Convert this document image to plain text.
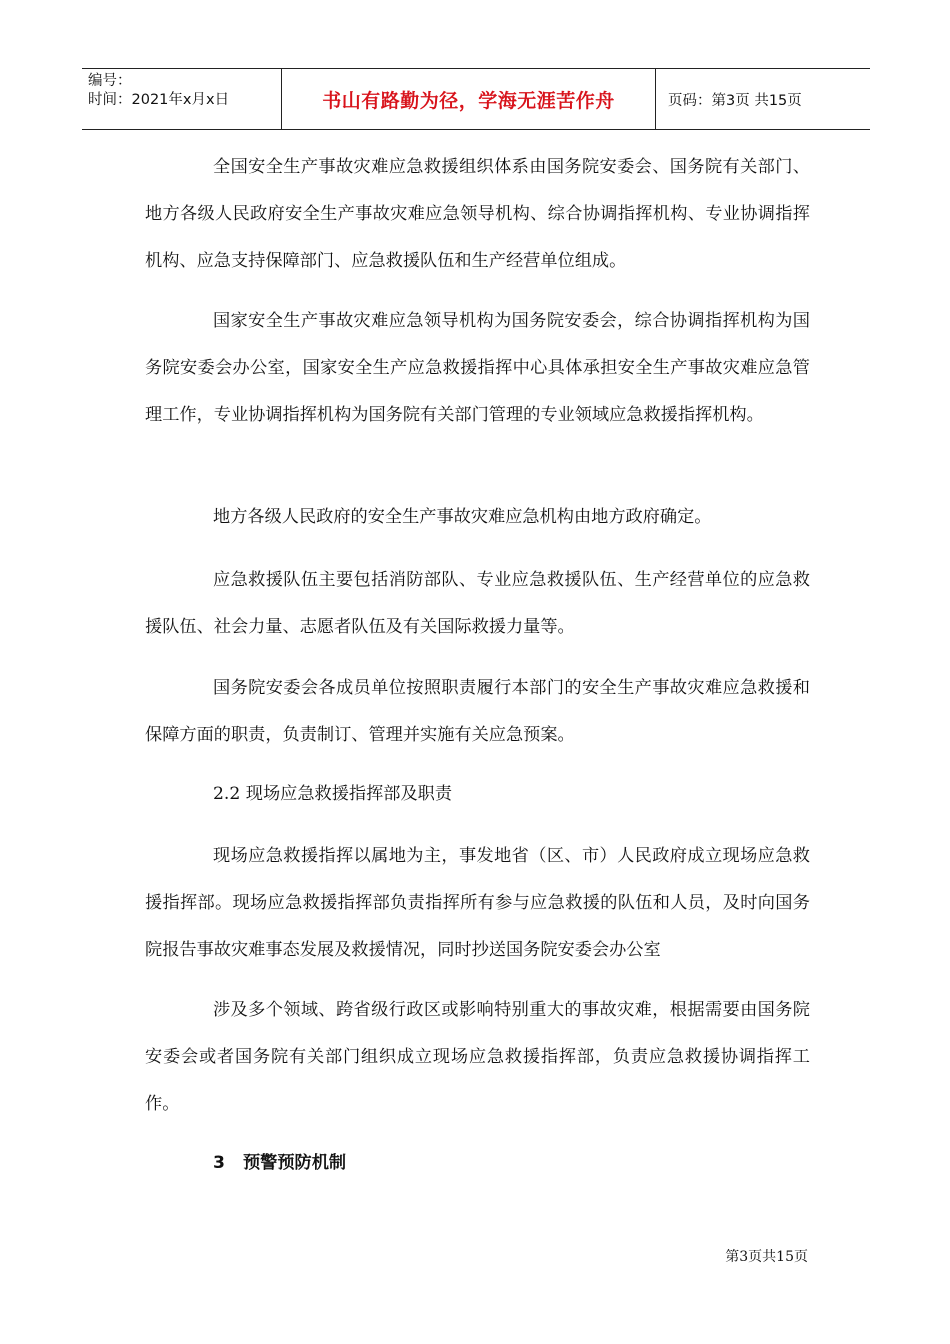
编号：
时间：2021年x月x日	书山有路勤为径，学海无涯苦作舟	页码：第3页 共15页

全国安全生产事故灾难应急救援组织体系由国务院安委会、国务院有关部门、地方各级人民政府安全生产事故灾难应急领导机构、综合协调指挥机构、专业协调指挥机构、应急支持保障部门、应急救援队伍和生产经营单位组成。

国家安全生产事故灾难应急领导机构为国务院安委会，综合协调指挥机构为国务院安委会办公室，国家安全生产应急救援指挥中心具体承担安全生产事故灾难应急管理工作，专业协调指挥机构为国务院有关部门管理的专业领域应急救援指挥机构。

地方各级人民政府的安全生产事故灾难应急机构由地方政府确定。

应急救援队伍主要包括消防部队、专业应急救援队伍、生产经营单位的应急救援队伍、社会力量、志愿者队伍及有关国际救援力量等。

国务院安委会各成员单位按照职责履行本部门的安全生产事故灾难应急救援和保障方面的职责，负责制订、管理并实施有关应急预案。

2.2 现场应急救援指挥部及职责

现场应急救援指挥以属地为主，事发地省（区、市）人民政府成立现场应急救援指挥部。现场应急救援指挥部负责指挥所有参与应急救援的队伍和人员，及时向国务院报告事故灾难事态发展及救援情况，同时抄送国务院安委会办公室

涉及多个领域、跨省级行政区或影响特别重大的事故灾难，根据需要由国务院安委会或者国务院有关部门组织成立现场应急救援指挥部，负责应急救援协调指挥工作。

3 预警预防机制

第3页共15页
